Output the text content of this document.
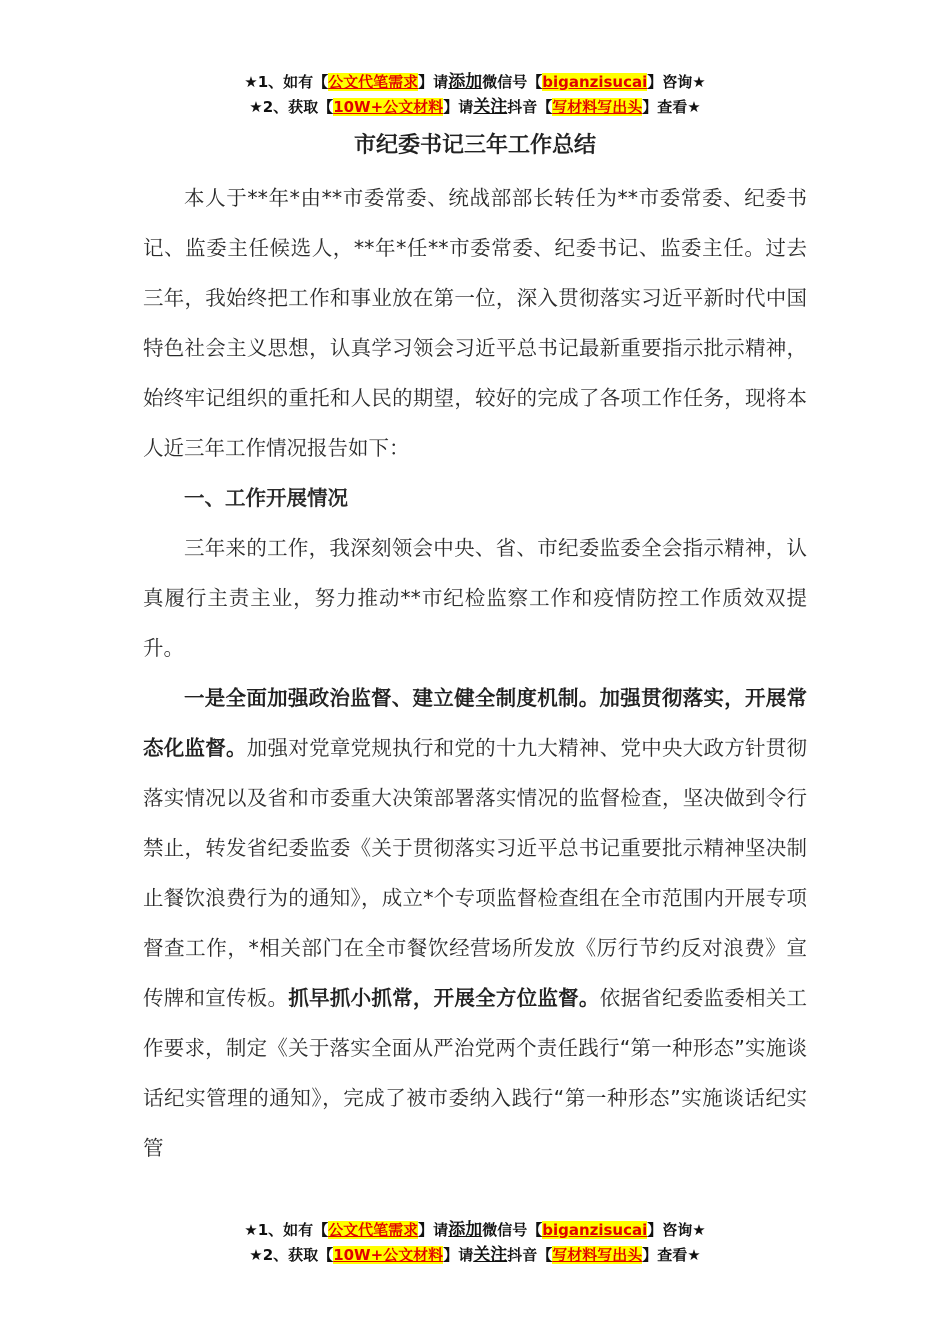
★1、如有【公文代笔需求】请添加微信号【biganzisucai】咨询★
★2、获取【10W+公文材料】请关注抖音【写材料写出头】查看★
市纪委书记三年工作总结

本人于**年*由**市委常委、统战部部长转任为**市委常委、纪委书记、监委主任候选人，**年*任**市委常委、纪委书记、监委主任。过去三年，我始终把工作和事业放在第一位，深入贯彻落实习近平新时代中国特色社会主义思想，认真学习领会习近平总书记最新重要指示批示精神，始终牢记组织的重托和人民的期望，较好的完成了各项工作任务，现将本人近三年工作情况报告如下：

一、工作开展情况

三年来的工作，我深刻领会中央、省、市纪委监委全会指示精神，认真履行主责主业，努力推动**市纪检监察工作和疫情防控工作质效双提升。

一是全面加强政治监督、建立健全制度机制。加强贯彻落实，开展常态化监督。加强对党章党规执行和党的十九大精神、党中央大政方针贯彻落实情况以及省和市委重大决策部署落实情况的监督检查，坚决做到令行禁止，转发省纪委监委《关于贯彻落实习近平总书记重要批示精神坚决制止餐饮浪费行为的通知》，成立*个专项监督检查组在全市范围内开展专项督查工作，*相关部门在全市餐饮经营场所发放《厉行节约反对浪费》宣传牌和宣传板。抓早抓小抓常，开展全方位监督。依据省纪委监委相关工作要求，制定《关于落实全面从严治党两个责任践行“第一种形态”实施谈话纪实管理的通知》，完成了被市委纳入践行“第一种形态”实施谈话纪实管

★1、如有【公文代笔需求】请添加微信号【biganzisucai】咨询★
★2、获取【10W+公文材料】请关注抖音【写材料写出头】查看★
